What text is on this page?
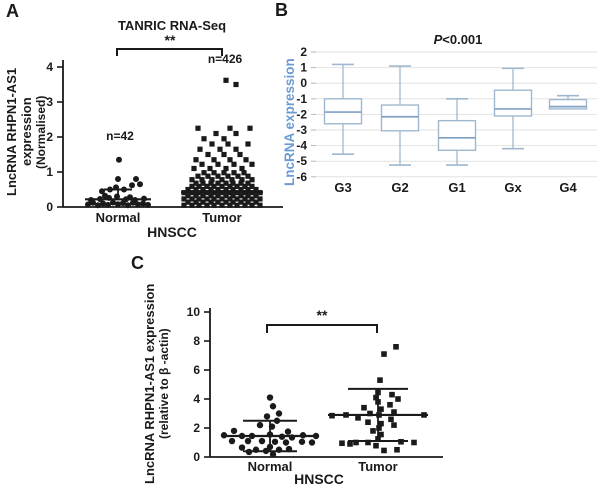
0
1
2
3
4
2
1
0
-1
-2
-3
-4
-5
-6
0
2
4
6
8
10
A	B
C
TANRIC RNA-Seq
**
n=426
n=42
LncRNA RHPN1-AS1 expression (Normalised)
Normal	Tumor
HNSCC
P<0.001
LncRNA expression
G3	G2	G1	Gx	G4
**
LncRNA RHPN1-AS1 expression (relative to β -actin)
Normal	Tumor
HNSCC
